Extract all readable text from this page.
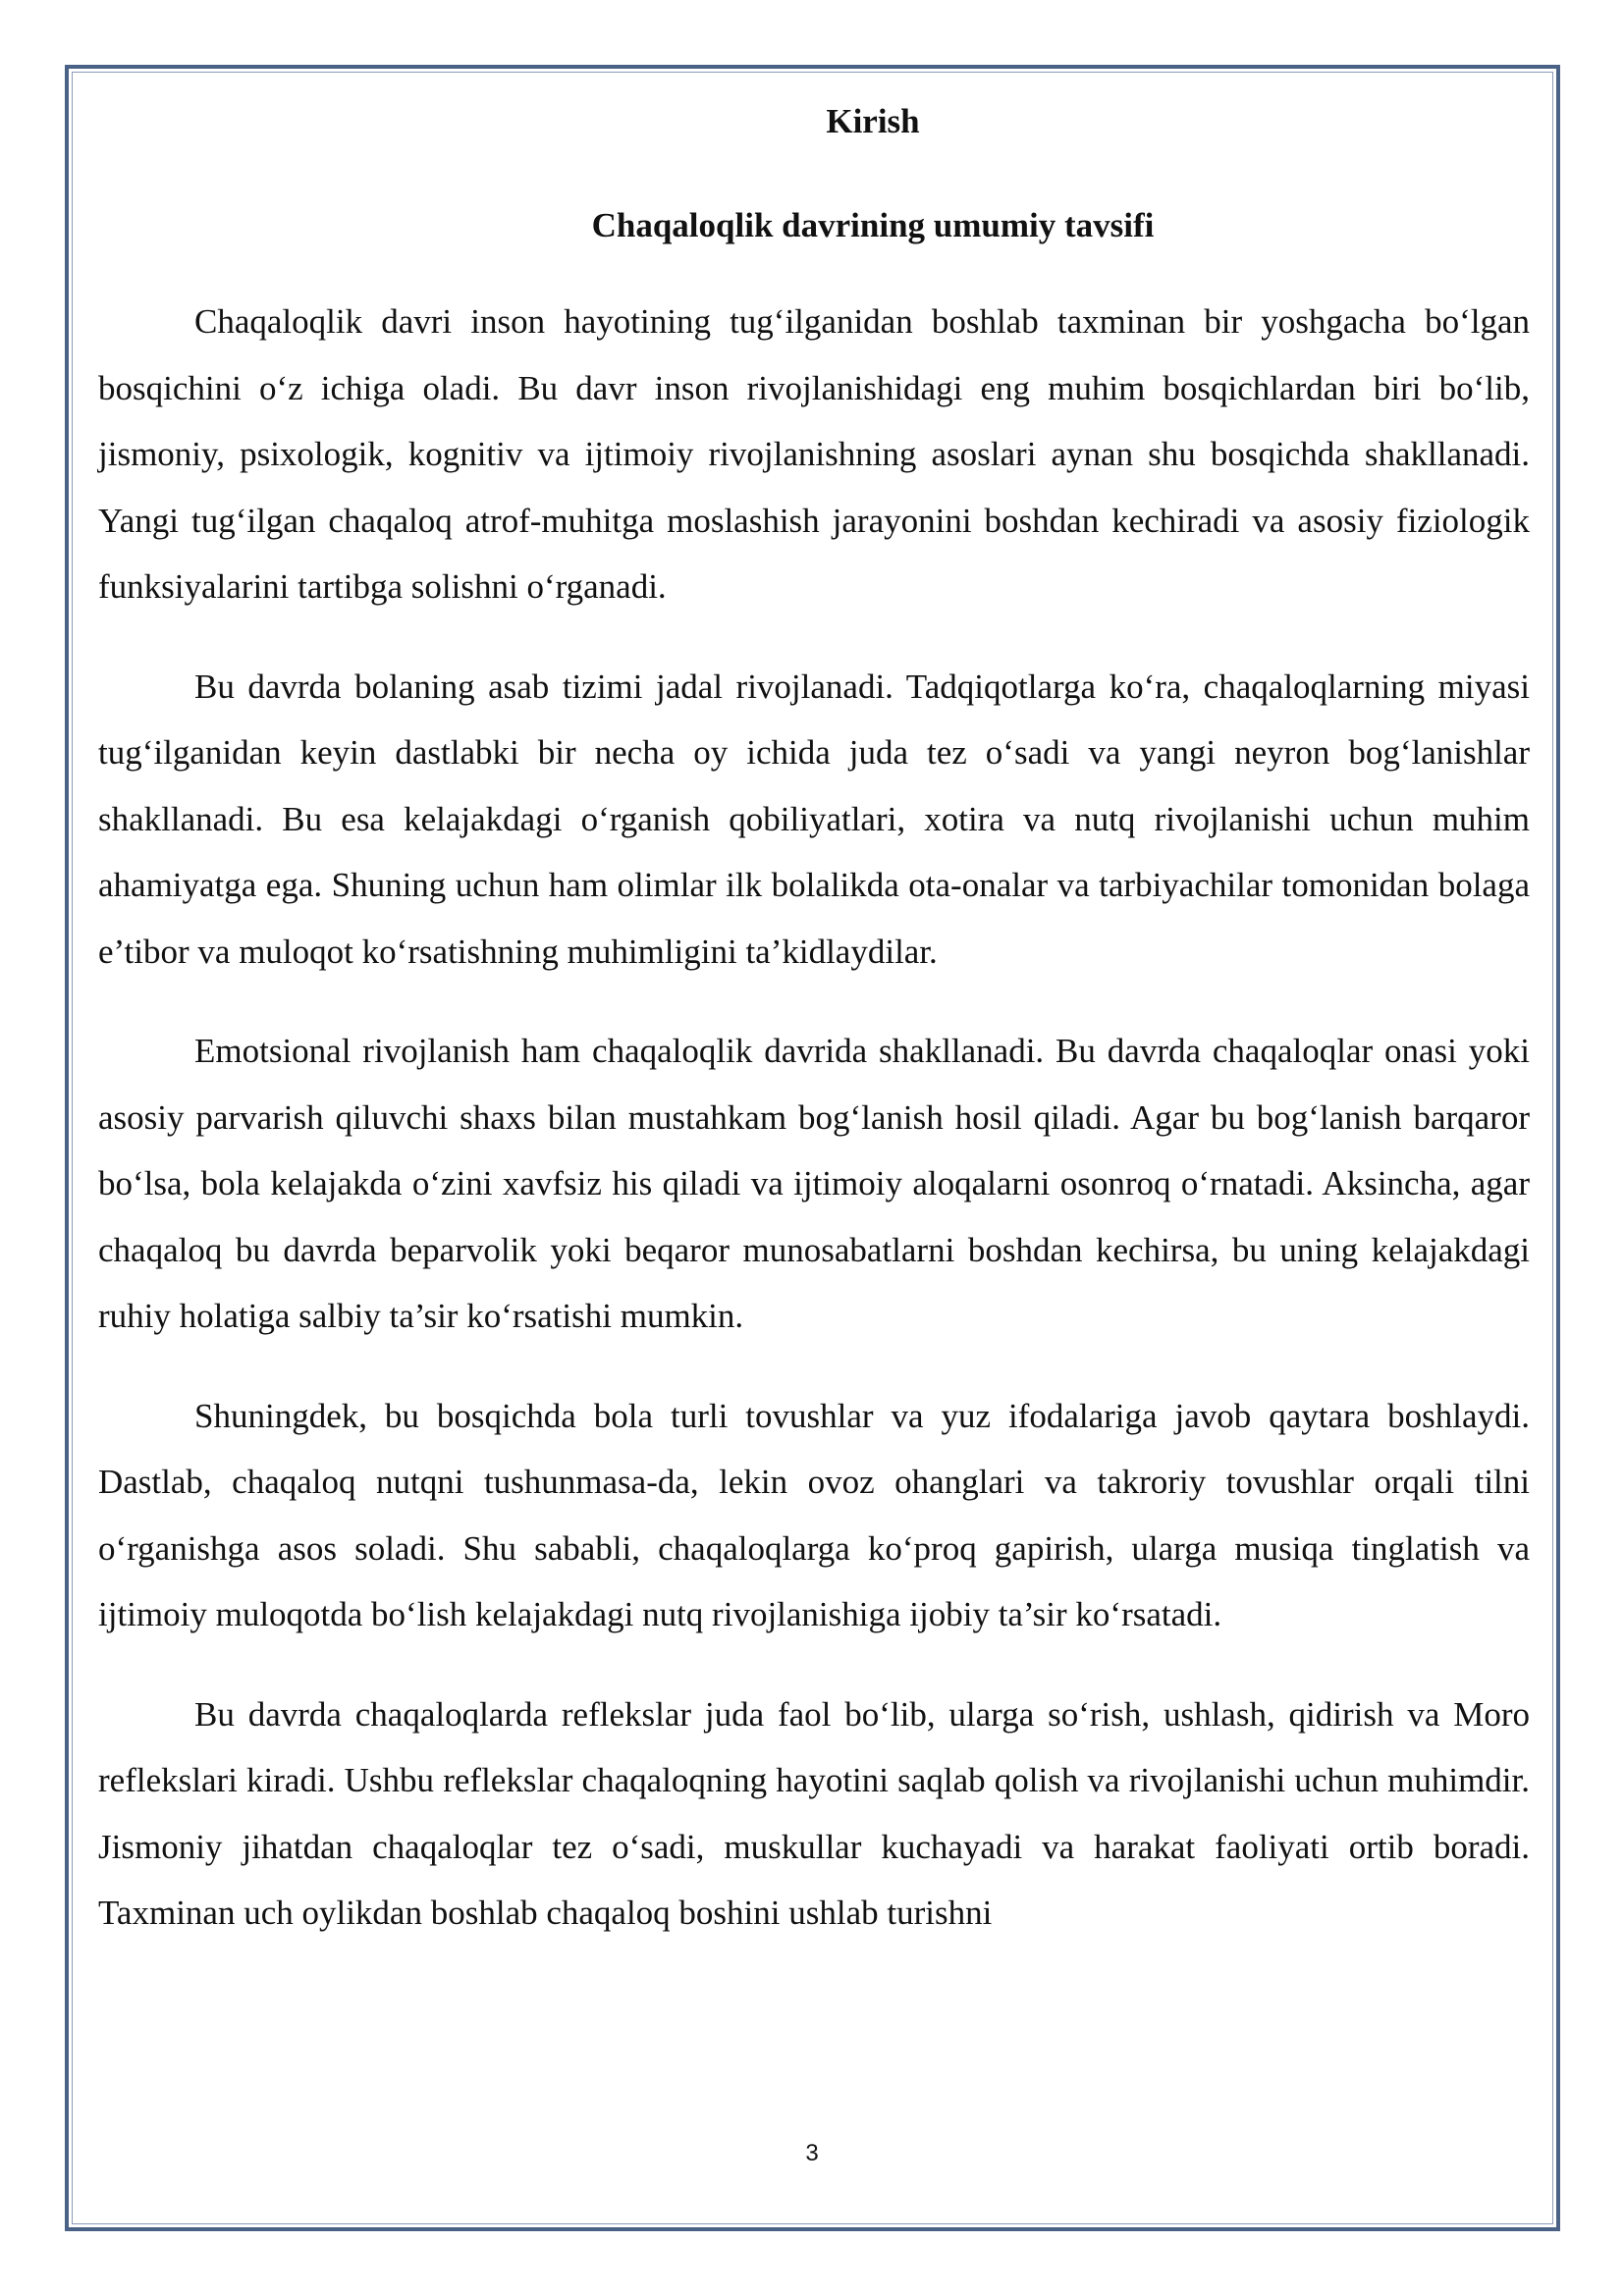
Kirish
Chaqaloqlik davrining umumiy tavsifi

Chaqaloqlik davri inson hayotining tug‘ilganidan boshlab taxminan bir yoshgacha bo‘lgan bosqichini o‘z ichiga oladi. Bu davr inson rivojlanishidagi eng muhim bosqichlardan biri bo‘lib, jismoniy, psixologik, kognitiv va ijtimoiy rivojlanishning asoslari aynan shu bosqichda shakllanadi. Yangi tug‘ilgan chaqaloq atrof-muhitga moslashish jarayonini boshdan kechiradi va asosiy fiziologik funksiyalarini tartibga solishni o‘rganadi.

Bu davrda bolaning asab tizimi jadal rivojlanadi. Tadqiqotlarga ko‘ra, chaqaloqlarning miyasi tug‘ilganidan keyin dastlabki bir necha oy ichida juda tez o‘sadi va yangi neyron bog‘lanishlar shakllanadi. Bu esa kelajakdagi o‘rganish qobiliyatlari, xotira va nutq rivojlanishi uchun muhim ahamiyatga ega. Shuning uchun ham olimlar ilk bolalikda ota-onalar va tarbiyachilar tomonidan bolaga e’tibor va muloqot ko‘rsatishning muhimligini ta’kidlaydilar.

Emotsional rivojlanish ham chaqaloqlik davrida shakllanadi. Bu davrda chaqaloqlar onasi yoki asosiy parvarish qiluvchi shaxs bilan mustahkam bog‘lanish hosil qiladi. Agar bu bog‘lanish barqaror bo‘lsa, bola kelajakda o‘zini xavfsiz his qiladi va ijtimoiy aloqalarni osonroq o‘rnatadi. Aksincha, agar chaqaloq bu davrda beparvolik yoki beqaror munosabatlarni boshdan kechirsa, bu uning kelajakdagi ruhiy holatiga salbiy ta’sir ko‘rsatishi mumkin.

Shuningdek, bu bosqichda bola turli tovushlar va yuz ifodalariga javob qaytara boshlaydi. Dastlab, chaqaloq nutqni tushunmasa-da, lekin ovoz ohanglari va takroriy tovushlar orqali tilni o‘rganishga asos soladi. Shu sababli, chaqaloqlarga ko‘proq gapirish, ularga musiqa tinglatish va ijtimoiy muloqotda bo‘lish kelajakdagi nutq rivojlanishiga ijobiy ta’sir ko‘rsatadi.

Bu davrda chaqaloqlarda reflekslar juda faol bo‘lib, ularga so‘rish, ushlash, qidirish va Moro reflekslari kiradi. Ushbu reflekslar chaqaloqning hayotini saqlab qolish va rivojlanishi uchun muhimdir. Jismoniy jihatdan chaqaloqlar tez o‘sadi, muskullar kuchayadi va harakat faoliyati ortib boradi. Taxminan uch oylikdan boshlab chaqaloq boshini ushlab turishni

3
